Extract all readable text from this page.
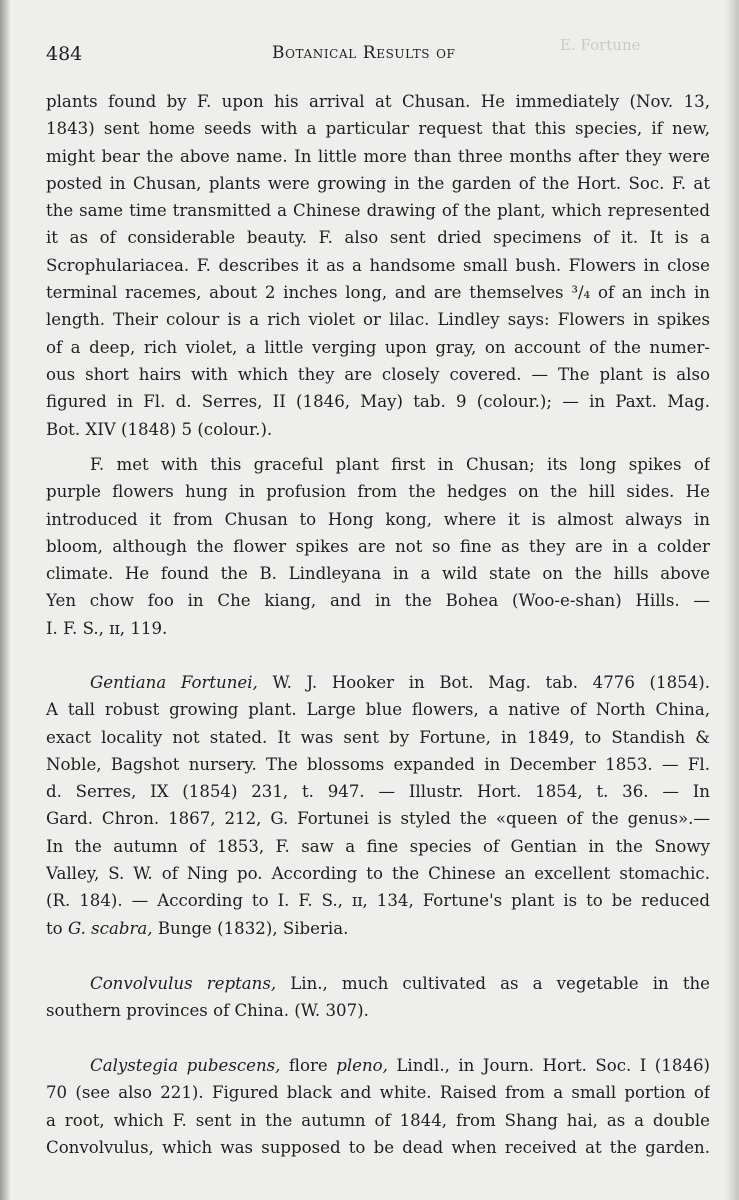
E. Fortune
484	Botanical Results of
plants found by F. upon his arrival at Chusan. He immediately (Nov. 13,
1843) sent home seeds with a particular request that this species, if new,
might bear the above name. In little more than three months after they were
posted in Chusan, plants were growing in the garden of the Hort. Soc. F. at
the same time transmitted a Chinese drawing of the plant, which represented
it as of considerable beauty. F. also sent dried specimens of it. It is a
Scrophulariacea. F. describes it as a handsome small bush. Flowers in close
terminal racemes, about 2 inches long, and are themselves ³/₄ of an inch in
length. Their colour is a rich violet or lilac. Lindley says: Flowers in spikes
of a deep, rich violet, a little verging upon gray, on account of the numer-
ous short hairs with which they are closely covered. — The plant is also
figured in Fl. d. Serres, II (1846, May) tab. 9 (colour.); — in Paxt. Mag.
Bot. XIV (1848) 5 (colour.).
F. met with this graceful plant first in Chusan; its long spikes of
purple flowers hung in profusion from the hedges on the hill sides. He
introduced it from Chusan to Hong kong, where it is almost always in
bloom, although the flower spikes are not so fine as they are in a colder
climate. He found the B. Lindleyana in a wild state on the hills above
Yen chow foo in Che kiang, and in the Bohea (Woo-e-shan) Hills. —
I. F. S., ɪɪ, 119.
Gentiana Fortunei, W. J. Hooker in Bot. Mag. tab. 4776 (1854).
A tall robust growing plant. Large blue flowers, a native of North China,
exact locality not stated. It was sent by Fortune, in 1849, to Standish &
Noble, Bagshot nursery. The blossoms expanded in December 1853. — Fl.
d. Serres, IX (1854) 231, t. 947. — Illustr. Hort. 1854, t. 36. — In
Gard. Chron. 1867, 212, G. Fortunei is styled the «queen of the genus».—
In the autumn of 1853, F. saw a fine species of Gentian in the Snowy
Valley, S. W. of Ning po. According to the Chinese an excellent stomachic.
(R. 184). — According to I. F. S., ɪɪ, 134, Fortune's plant is to be reduced
to G. scabra, Bunge (1832), Siberia.
Convolvulus reptans, Lin., much cultivated as a vegetable in the
southern provinces of China. (W. 307).
Calystegia pubescens, flore pleno, Lindl., in Journ. Hort. Soc. I (1846)
70 (see also 221). Figured black and white. Raised from a small portion of
a root, which F. sent in the autumn of 1844, from Shang hai, as a double
Convolvulus, which was supposed to be dead when received at the garden.
